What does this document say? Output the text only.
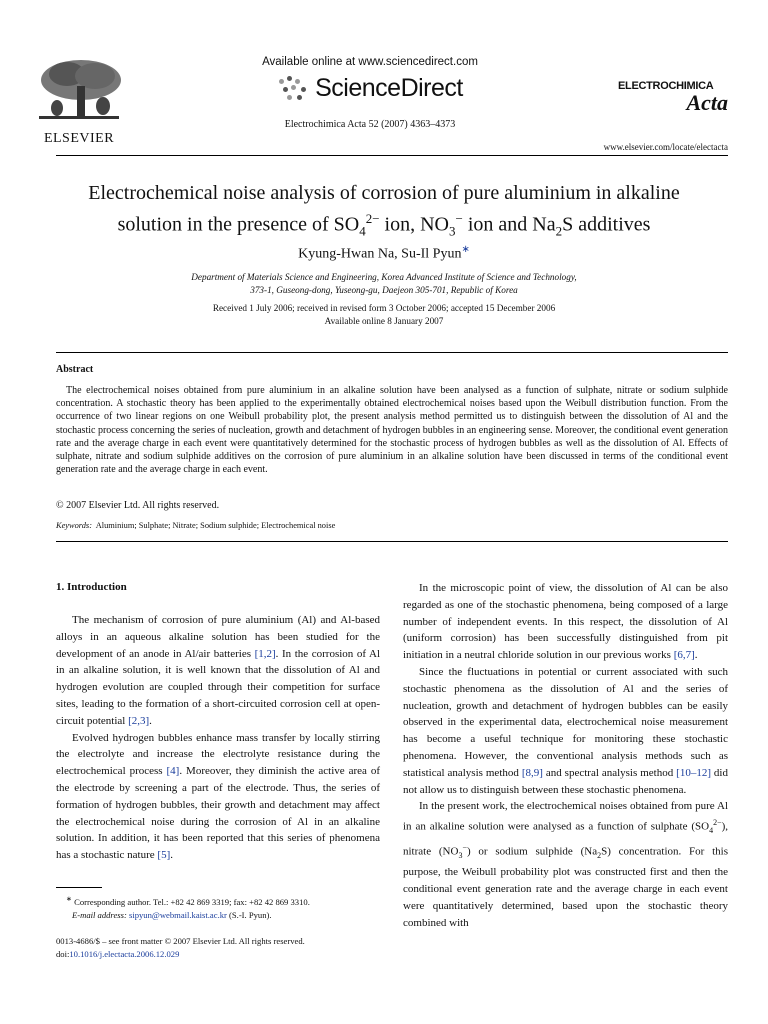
ELSEVIER
Available online at www.sciencedirect.com
ScienceDirect
Electrochimica Acta 52 (2007) 4363–4373
ELECTROCHIMICA
Acta
www.elsevier.com/locate/electacta
Electrochemical noise analysis of corrosion of pure aluminium in alkaline
solution in the presence of $SO_4^{2-}$ ion, $NO_3^-$ ion and $Na_2S$ additives
Kyung-Hwan Na, Su-Il Pyun∗
Department of Materials Science and Engineering, Korea Advanced Institute of Science and Technology,
373-1, Guseong-dong, Yuseong-gu, Daejeon 305-701, Republic of Korea
Received 1 July 2006; received in revised form 3 October 2006; accepted 15 December 2006
Available online 8 January 2007
Abstract
The electrochemical noises obtained from pure aluminium in an alkaline solution have been analysed as a function of sulphate, nitrate or sodium sulphide concentration. A stochastic theory has been applied to the experimentally obtained electrochemical noises based upon the Weibull distribution function. From the occurrence of two linear regions on one Weibull probability plot, the present analysis method permitted us to distinguish between the dissolution of Al and the stochastic process concerning the series of nucleation, growth and detachment of hydrogen bubbles in an engineering sense. Moreover, the conditional event generation rate and the average charge in each event were quantitatively determined for the stochastic process of hydrogen bubbles as well as the dissolution of Al. Effects of sulphate, nitrate and sodium sulphide additives on the corrosion of pure aluminium in an alkaline solution have been discussed in terms of the conditional event generation rate and the average charge in each event.
© 2007 Elsevier Ltd. All rights reserved.
Keywords: Aluminium; Sulphate; Nitrate; Sodium sulphide; Electrochemical noise
1. Introduction

The mechanism of corrosion of pure aluminium (Al) and Al-based alloys in an aqueous alkaline solution has been studied for the development of an anode in Al/air batteries [1,2]. In the corrosion of Al in an alkaline solution, it is well known that the dissolution of Al and hydrogen evolution are coupled through their competition for surface sites, leading to the formation of a short-circuited corrosion cell at open-circuit potential [2,3].

Evolved hydrogen bubbles enhance mass transfer by locally stirring the electrolyte and increase the electrolyte resistance during the electrochemical process [4]. Moreover, they diminish the active area of the electrode by screening a part of the electrode. Thus, the series of formation of hydrogen bubbles, their growth and detachment may affect the electrochemical noise during the corrosion of Al in an alkaline solution. In addition, it has been reported that this series of phenomena has a stochastic nature [5].

In the microscopic point of view, the dissolution of Al can be also regarded as one of the stochastic phenomena, being composed of a large number of independent events. In this respect, the dissolution of Al (uniform corrosion) has been successfully distinguished from pit initiation in a neutral chloride solution in our previous works [6,7].

Since the fluctuations in potential or current associated with such stochastic phenomena as the dissolution of Al and the series of nucleation, growth and detachment of hydrogen bubbles can be easily observed in the experimental data, electrochemical noise measurement has become a useful technique for monitoring these stochastic phenomena. However, the conventional analysis methods such as statistical analysis method [8,9] and spectral analysis method [10–12] did not allow us to distinguish between these stochastic phenomena.

In the present work, the electrochemical noises obtained from pure Al in an alkaline solution were analysed as a function of sulphate $(SO_4^{2-})$, nitrate $(NO_3^-)$ or sodium sulphide $(Na_2S)$ concentration. For this purpose, the Weibull probability plot was constructed first and then the conditional event generation rate and the average charge in each event were quantitatively determined, based upon the stochastic theory combined with

∗ Corresponding author. Tel.: +82 42 869 3319; fax: +82 42 869 3310.
E-mail address: sipyun@webmail.kaist.ac.kr (S.-I. Pyun).
0013-4686/$ – see front matter © 2007 Elsevier Ltd. All rights reserved.
doi:10.1016/j.electacta.2006.12.029
